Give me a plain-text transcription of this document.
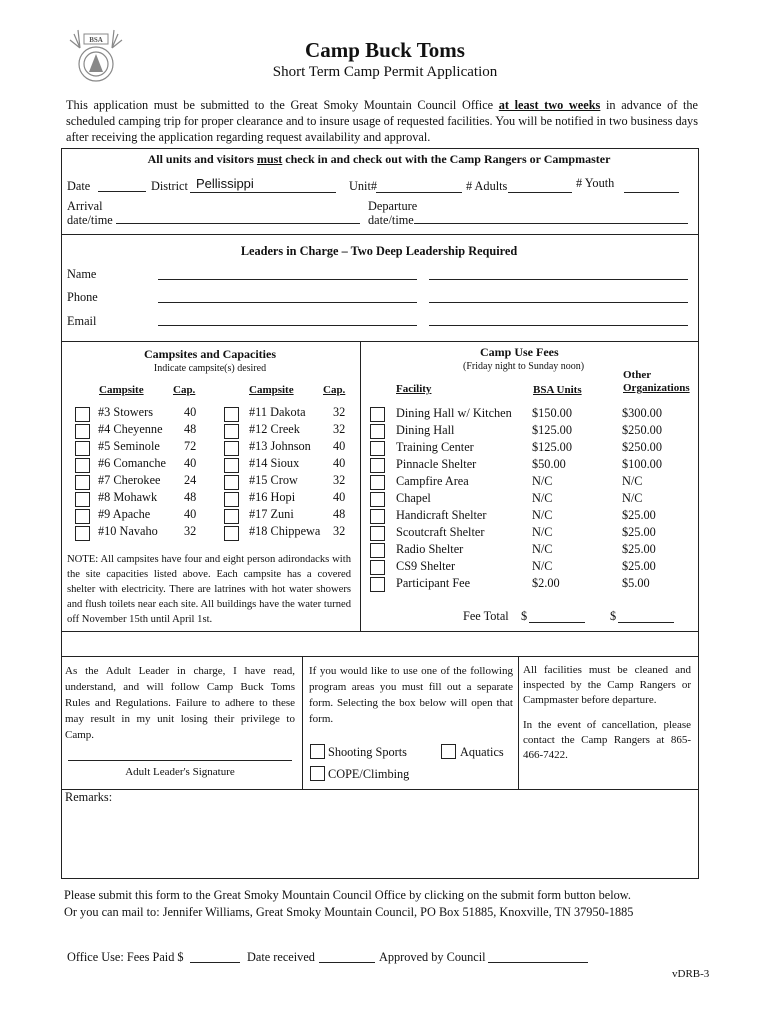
BSA	Camp Buck Toms
Short Term Camp Permit Application
This application must be submitted to the Great Smoky Mountain Council Office at least two weeks in advance of the scheduled camping trip for proper clearance and to insure usage of requested facilities. You will be notified in two business days after receiving the application regarding request availability and approval.
All units and visitors must check in and check out with the Camp Rangers or Campmaster
Date	District Pellissippi	Unit#	# Adults	# Youth
Arrival
date/time
Departure
date/time
Leaders in Charge – Two Deep Leadership Required
Name
Phone
Email
Campsites and Capacities
Indicate campsite(s) desired
Campsite	Cap.	Campsite	Cap.
#3 Stowers	40
#4 Cheyenne 48
#5 Seminole 72
#6 Comanche 40
#7 Cherokee 24
#8 Mohawk 48
#9 Apache	40
#10 Navaho 32
#11 Dakota 32
#12 Creek	32
#13 Johnson 40
#14 Sioux	40
#15 Crow	32
#16 Hopi	40
#17 Zuni	48
#18 Chippewa 32
NOTE: All campsites have four and eight person adirondacks with the site capacities listed above. Each campsite has a covered shelter with electricity. There are latrines with hot water showers and flush toilets near each site. All buildings have the water turned off November 15th until April 1st.
Camp Use Fees
(Friday night to Sunday noon)
Facility	BSA Units
Other
Organizations
Dining Hall w/ Kitchen $150.00	$300.00
Dining Hall	$125.00	$250.00
Training Center	$125.00	$250.00
Pinnacle Shelter	$50.00	$100.00
Campfire Area	N/C	N/C
Chapel	N/C	N/C
Handicraft Shelter	N/C	$25.00
Scoutcraft Shelter	N/C	$25.00
Radio Shelter	N/C	$25.00
CS9 Shelter	N/C	$25.00
Participant Fee	$2.00	$5.00
Fee Total $	$
As the Adult Leader in charge, I have read, understand, and will follow Camp Buck Toms Rules and Regulations. Failure to adhere to these may result in my unit losing their privilege to Camp.
Adult Leader's Signature
If you would like to use one of the following program areas you must fill out a separate form. Selecting the box below will open that form.
Shooting Sports	Aquatics
COPE/Climbing
All facilities must be cleaned and inspected by the Camp Rangers or Campmaster before departure.
In the event of cancellation, please contact the Camp Rangers at 865-466-7422.
Remarks:
Please submit this form to the Great Smoky Mountain Council Office by clicking on the submit form button below.
Or you can mail to: Jennifer Williams, Great Smoky Mountain Council, PO Box 51885, Knoxville, TN 37950-1885
Office Use: Fees Paid $	Date received	Approved by Council
vDRB-3
